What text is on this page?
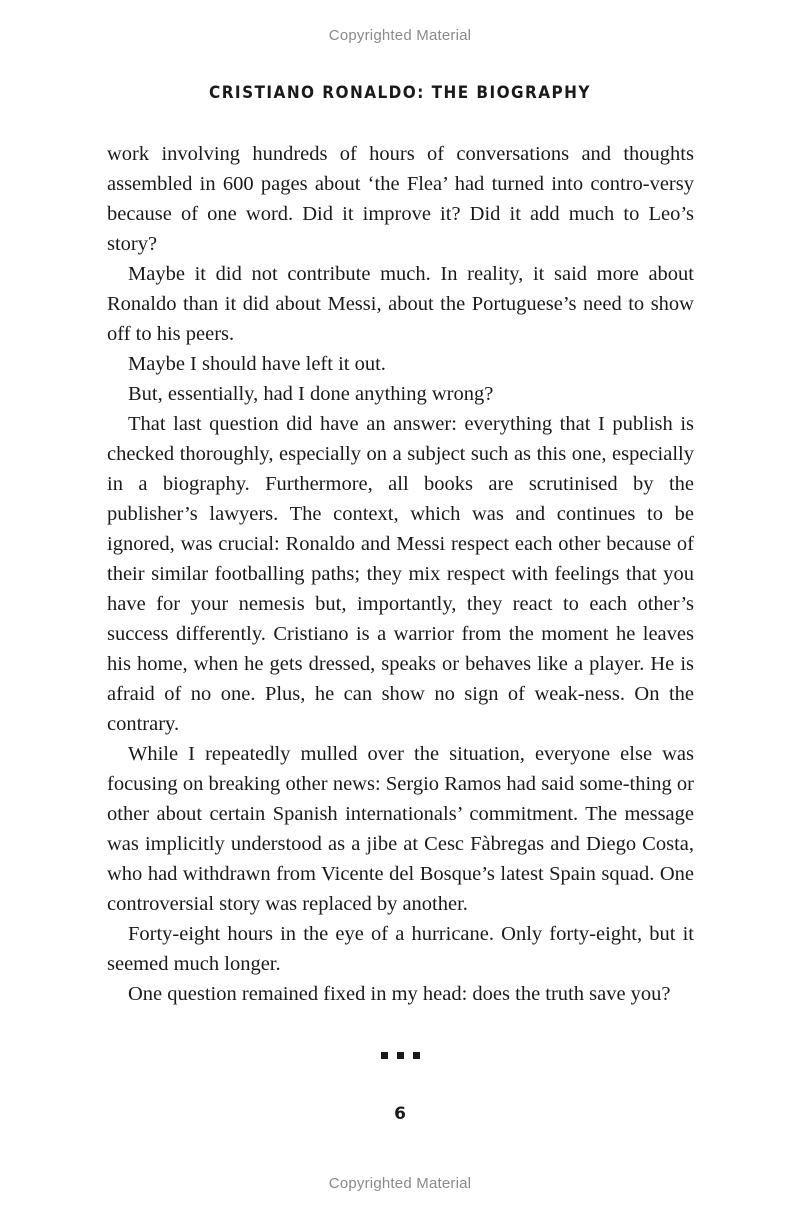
Copyrighted Material
CRISTIANO RONALDO: THE BIOGRAPHY

work involving hundreds of hours of conversations and thoughts assembled in 600 pages about ‘the Flea’ had turned into contro-versy because of one word. Did it improve it? Did it add much to Leo’s story?

Maybe it did not contribute much. In reality, it said more about Ronaldo than it did about Messi, about the Portuguese’s need to show off to his peers.

Maybe I should have left it out.

But, essentially, had I done anything wrong?

That last question did have an answer: everything that I publish is checked thoroughly, especially on a subject such as this one, especially in a biography. Furthermore, all books are scrutinised by the publisher’s lawyers. The context, which was and continues to be ignored, was crucial: Ronaldo and Messi respect each other because of their similar footballing paths; they mix respect with feelings that you have for your nemesis but, importantly, they react to each other’s success differently. Cristiano is a warrior from the moment he leaves his home, when he gets dressed, speaks or behaves like a player. He is afraid of no one. Plus, he can show no sign of weak-ness. On the contrary.

While I repeatedly mulled over the situation, everyone else was focusing on breaking other news: Sergio Ramos had said some-thing or other about certain Spanish internationals’ commitment. The message was implicitly understood as a jibe at Cesc Fàbregas and Diego Costa, who had withdrawn from Vicente del Bosque’s latest Spain squad. One controversial story was replaced by another.

Forty-eight hours in the eye of a hurricane. Only forty-eight, but it seemed much longer.

One question remained fixed in my head: does the truth save you?

6
Copyrighted Material
